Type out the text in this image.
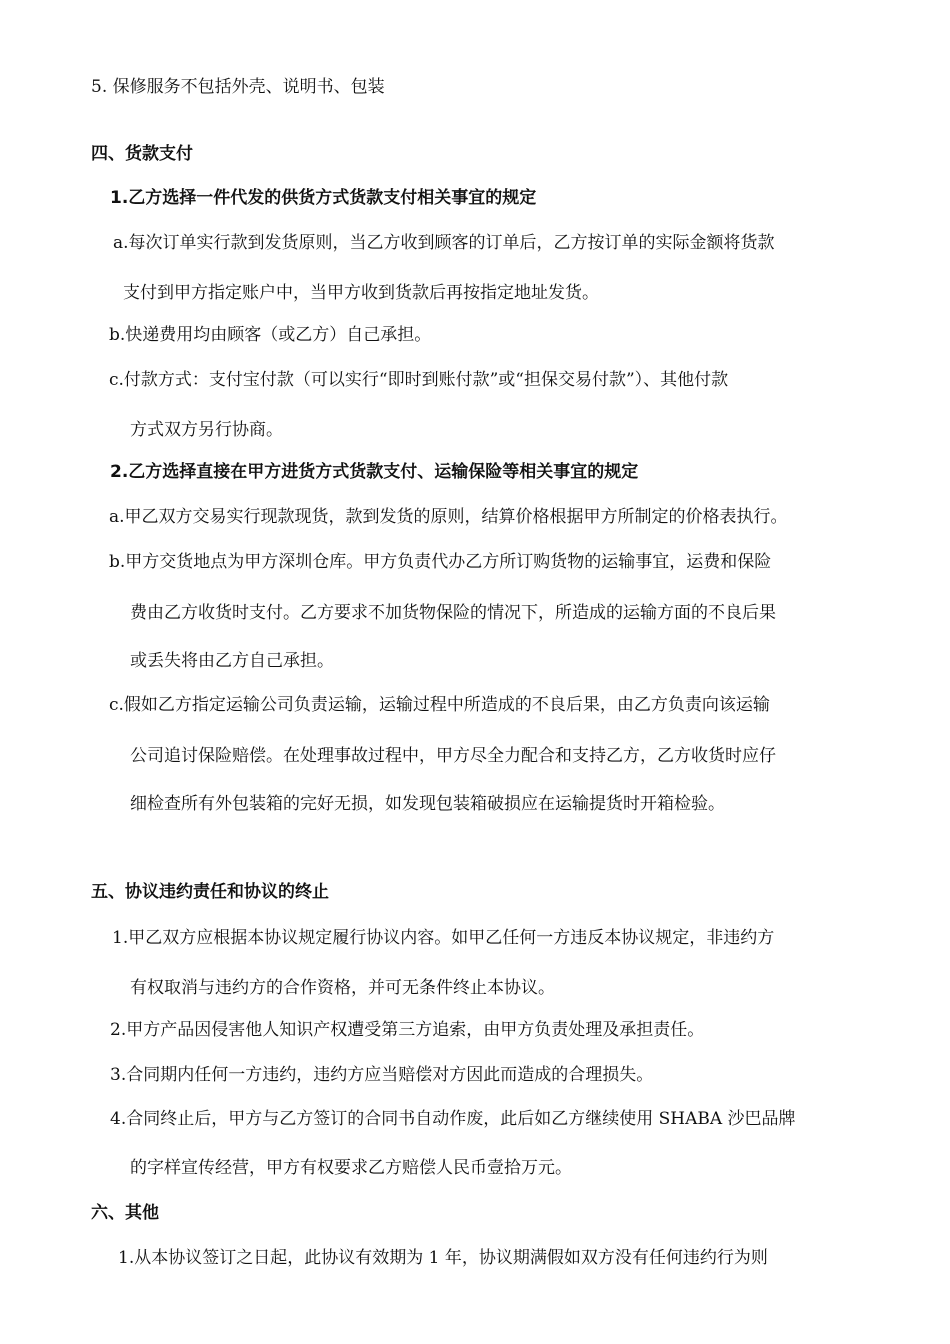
5. 保修服务不包括外壳、说明书、包装
四、货款支付
1.乙方选择一件代发的供货方式货款支付相关事宜的规定
a.每次订单实行款到发货原则，当乙方收到顾客的订单后，乙方按订单的实际金额将货款
支付到甲方指定账户中，当甲方收到货款后再按指定地址发货。
b.快递费用均由顾客（或乙方）自己承担。
c.付款方式：支付宝付款（可以实行“即时到账付款”或“担保交易付款”）、其他付款
方式双方另行协商。
2.乙方选择直接在甲方进货方式货款支付、运输保险等相关事宜的规定
a.甲乙双方交易实行现款现货，款到发货的原则，结算价格根据甲方所制定的价格表执行。
b.甲方交货地点为甲方深圳仓库。甲方负责代办乙方所订购货物的运输事宜，运费和保险
费由乙方收货时支付。乙方要求不加货物保险的情况下，所造成的运输方面的不良后果
或丢失将由乙方自己承担。
c.假如乙方指定运输公司负责运输，运输过程中所造成的不良后果，由乙方负责向该运输
公司追讨保险赔偿。在处理事故过程中，甲方尽全力配合和支持乙方，乙方收货时应仔
细检查所有外包装箱的完好无损，如发现包装箱破损应在运输提货时开箱检验。
五、协议违约责任和协议的终止
1.甲乙双方应根据本协议规定履行协议内容。如甲乙任何一方违反本协议规定，非违约方
有权取消与违约方的合作资格，并可无条件终止本协议。
2.甲方产品因侵害他人知识产权遭受第三方追索，由甲方负责处理及承担责任。
3.合同期内任何一方违约，违约方应当赔偿对方因此而造成的合理损失。
4.合同终止后，甲方与乙方签订的合同书自动作废，此后如乙方继续使用 SHABA 沙巴品牌
的字样宣传经营，甲方有权要求乙方赔偿人民币壹拾万元。
六、其他
1.从本协议签订之日起，此协议有效期为 1 年，协议期满假如双方没有任何违约行为则
